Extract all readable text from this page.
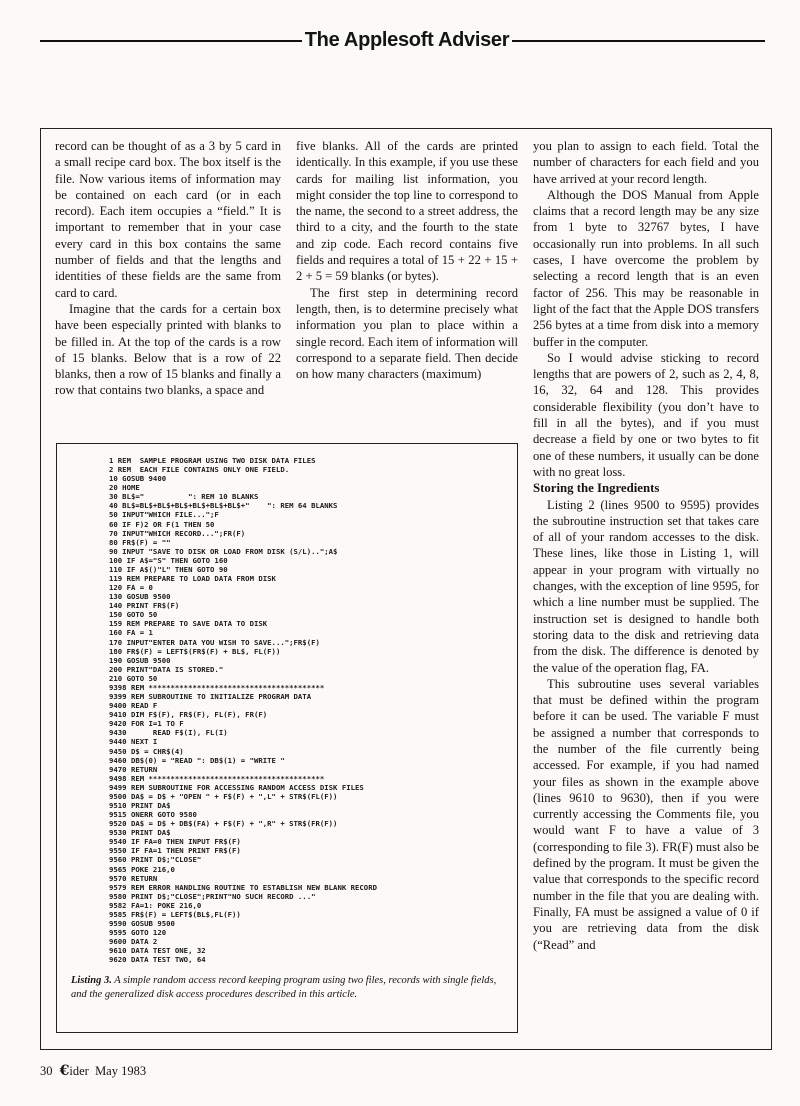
The Applesoft Adviser

record can be thought of as a 3 by 5 card in a small recipe card box. The box itself is the file. Now various items of information may be contained on each card (or in each record). Each item occupies a “field.” It is important to remember that in your case every card in this box contains the same number of fields and that the lengths and identities of these fields are the same from card to card.

Imagine that the cards for a certain box have been especially printed with blanks to be filled in. At the top of the cards is a row of 15 blanks. Below that is a row of 22 blanks, then a row of 15 blanks and finally a row that contains two blanks, a space and

five blanks. All of the cards are printed identically. In this example, if you use these cards for mailing list information, you might consider the top line to correspond to the name, the second to a street address, the third to a city, and the fourth to the state and zip code. Each record contains five fields and requires a total of 15 + 22 + 15 + 2 + 5 = 59 blanks (or bytes).

The first step in determining record length, then, is to determine precisely what information you plan to place within a single record. Each item of information will correspond to a separate field. Then decide on how many characters (maximum)

you plan to assign to each field. Total the number of characters for each field and you have arrived at your record length.

Although the DOS Manual from Apple claims that a record length may be any size from 1 byte to 32767 bytes, I have occasionally run into problems. In all such cases, I have overcome the problem by selecting a record length that is an even factor of 256. This may be reasonable in light of the fact that the Apple DOS transfers 256 bytes at a time from disk into a memory buffer in the computer.

So I would advise sticking to record lengths that are powers of 2, such as 2, 4, 8, 16, 32, 64 and 128. This provides considerable flexibility (you don’t have to fill in all the bytes), and if you must decrease a field by one or two bytes to fit one of these numbers, it usually can be done with no great loss.

Storing the Ingredients

Listing 2 (lines 9500 to 9595) provides the subroutine instruction set that takes care of all of your random accesses to the disk. These lines, like those in Listing 1, will appear in your program with virtually no changes, with the exception of line 9595, for which a line number must be supplied. The instruction set is designed to handle both storing data to the disk and retrieving data from the disk. The difference is denoted by the value of the operation flag, FA.

This subroutine uses several variables that must be defined within the program before it can be used. The variable F must be assigned a number that corresponds to the number of the file currently being accessed. For example, if you had named your files as shown in the example above (lines 9610 to 9630), then if you were currently accessing the Comments file, you would want F to have a value of 3 (corresponding to file 3). FR(F) must also be defined by the program. It must be given the value that corresponds to the specific record number in the file that you are dealing with. Finally, FA must be assigned a value of 0 if you are retrieving data from the disk (“Read” and

1 REM  SAMPLE PROGRAM USING TWO DISK DATA FILES
2 REM  EACH FILE CONTAINS ONLY ONE FIELD.
10 GOSUB 9400
20 HOME
30 BL$="          ": REM 10 BLANKS
40 BL$=BL$+BL$+BL$+BL$+BL$+BL$+"    ": REM 64 BLANKS
50 INPUT"WHICH FILE...";F
60 IF F)2 OR F(1 THEN 50
70 INPUT"WHICH RECORD...";FR(F)
80 FR$(F) = ""
90 INPUT "SAVE TO DISK OR LOAD FROM DISK (S/L)..";A$
100 IF A$="S" THEN GOTO 160
110 IF A$()"L" THEN GOTO 90
119 REM PREPARE TO LOAD DATA FROM DISK
120 FA = 0
130 GOSUB 9500
140 PRINT FR$(F)
150 GOTO 50
159 REM PREPARE TO SAVE DATA TO DISK
160 FA = 1
170 INPUT"ENTER DATA YOU WISH TO SAVE...";FR$(F)
180 FR$(F) = LEFT$(FR$(F) + BL$, FL(F))
190 GOSUB 9500
200 PRINT"DATA IS STORED."
210 GOTO 50
9398 REM ****************************************
9399 REM SUBROUTINE TO INITIALIZE PROGRAM DATA
9400 READ F
9410 DIM F$(F), FR$(F), FL(F), FR(F)
9420 FOR I=1 TO F
9430      READ F$(I), FL(I)
9440 NEXT I
9450 D$ = CHR$(4)
9460 DB$(0) = "READ ": DB$(1) = "WRITE "
9470 RETURN
9498 REM ****************************************
9499 REM SUBROUTINE FOR ACCESSING RANDOM ACCESS DISK FILES
9500 DA$ = D$ + "OPEN " + F$(F) + ",L" + STR$(FL(F))
9510 PRINT DA$
9515 ONERR GOTO 9580
9520 DA$ = D$ + DB$(FA) + F$(F) + ",R" + STR$(FR(F))
9530 PRINT DA$
9540 IF FA=0 THEN INPUT FR$(F)
9550 IF FA=1 THEN PRINT FR$(F)
9560 PRINT D$;"CLOSE"
9565 POKE 216,0
9570 RETURN
9579 REM ERROR HANDLING ROUTINE TO ESTABLISH NEW BLANK RECORD
9580 PRINT D$;"CLOSE";PRINT"NO SUCH RECORD ..."
9582 FA=1: POKE 216,0
9585 FR$(F) = LEFT$(BL$,FL(F))
9590 GOSUB 9500
9595 GOTO 120
9600 DATA 2
9610 DATA TEST ONE, 32
9620 DATA TEST TWO, 64
Listing 3. A simple random access record keeping program using two files, records with single fields, and the generalized disk access procedures described in this article.
30 €ider May 1983
